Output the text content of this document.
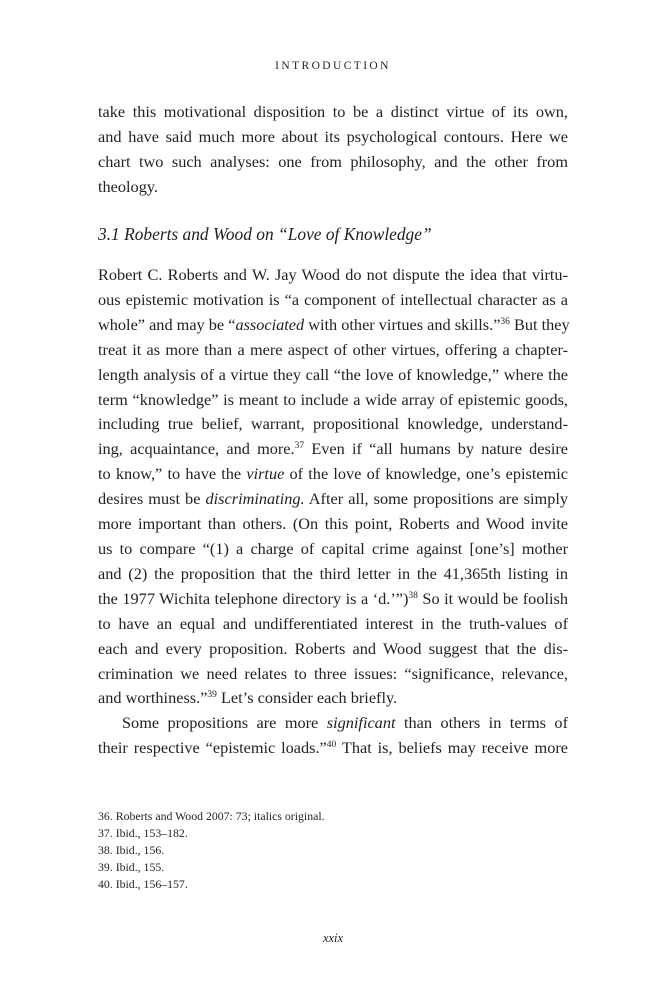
INTRODUCTION

take this motivational disposition to be a distinct virtue of its own,
and have said much more about its psychological contours. Here we
chart two such analyses: one from philosophy, and the other from
theology.

3.1 Roberts and Wood on “Love of Knowledge”

Robert C. Roberts and W. Jay Wood do not dispute the idea that virtu-
ous epistemic motivation is “a component of intellectual character as a
whole” and may be “associated with other virtues and skills.”$^{36}$ But they
treat it as more than a mere aspect of other virtues, offering a chapter-
length analysis of a virtue they call “the love of knowledge,” where the
term “knowledge” is meant to include a wide array of epistemic goods,
including true belief, warrant, propositional knowledge, understand-
ing, acquaintance, and more.$^{37}$ Even if “all humans by nature desire
to know,” to have the virtue of the love of knowledge, one’s epistemic
desires must be discriminating. After all, some propositions are simply
more important than others. (On this point, Roberts and Wood invite
us to compare “(1) a charge of capital crime against [one’s] mother
and (2) the proposition that the third letter in the 41,365th listing in
the 1977 Wichita telephone directory is a ‘d.’”)$^{38}$ So it would be foolish
to have an equal and undifferentiated interest in the truth-values of
each and every proposition. Roberts and Wood suggest that the dis-
crimination we need relates to three issues: “significance, relevance,
and worthiness.”$^{39}$ Let’s consider each briefly.

Some propositions are more significant than others in terms of
their respective “epistemic loads.”$^{40}$ That is, beliefs may receive more

36. Roberts and Wood 2007: 73; italics original.
37. Ibid., 153–182.
38. Ibid., 156.
39. Ibid., 155.
40. Ibid., 156–157.
xxix
